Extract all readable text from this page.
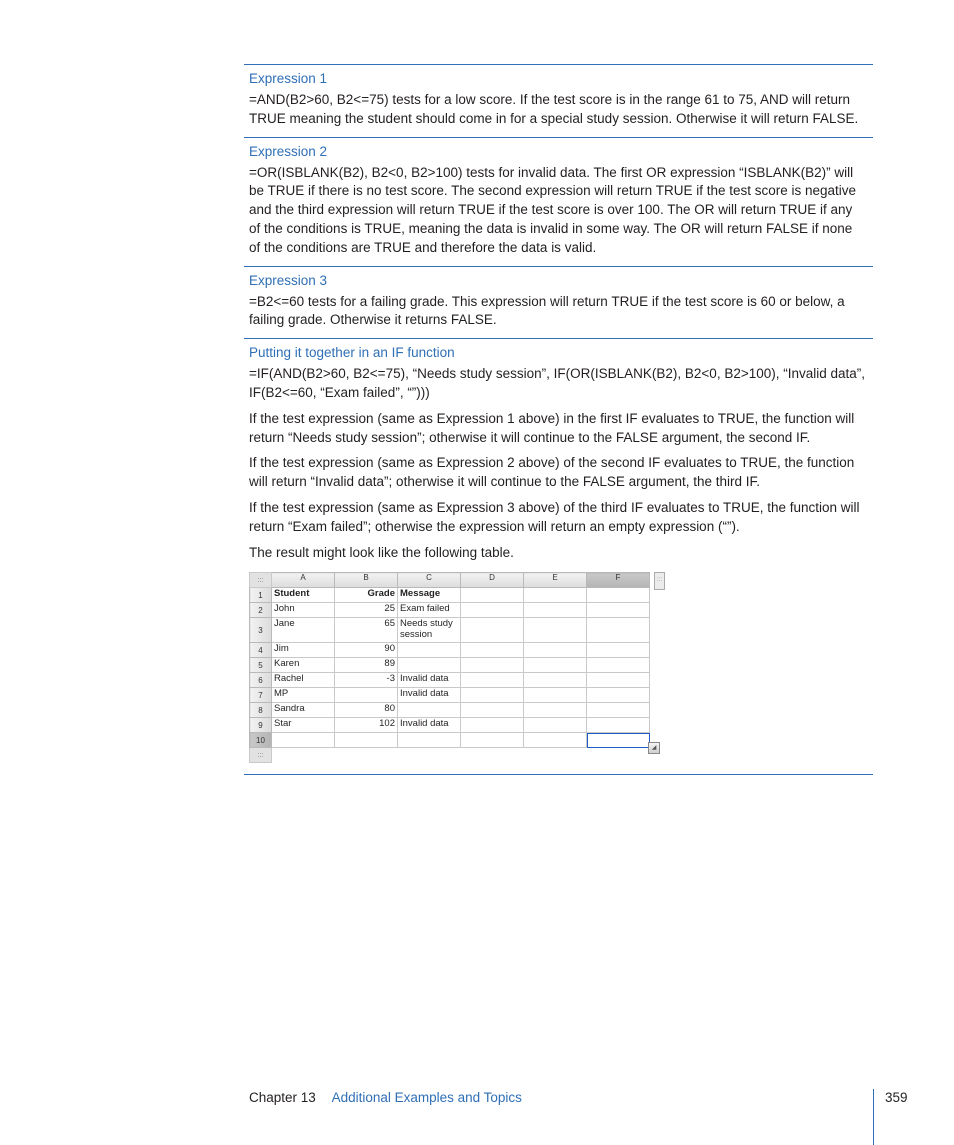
Expression 1

=AND(B2>60, B2<=75) tests for a low score. If the test score is in the range 61 to 75, AND will return TRUE meaning the student should come in for a special study session. Otherwise it will return FALSE.

Expression 2

=OR(ISBLANK(B2), B2<0, B2>100) tests for invalid data. The first OR expression “ISBLANK(B2)” will be TRUE if there is no test score. The second expression will return TRUE if the test score is negative and the third expression will return TRUE if the test score is over 100. The OR will return TRUE if any of the conditions is TRUE, meaning the data is invalid in some way. The OR will return FALSE if none of the conditions are TRUE and therefore the data is valid.

Expression 3

=B2<=60 tests for a failing grade. This expression will return TRUE if the test score is 60 or below, a failing grade. Otherwise it returns FALSE.

Putting it together in an IF function

=IF(AND(B2>60, B2<=75), “Needs study session”, IF(OR(ISBLANK(B2), B2<0, B2>100), “Invalid data”, IF(B2<=60, “Exam failed”, “”)))

If the test expression (same as Expression 1 above) in the first IF evaluates to TRUE, the function will return “Needs study session”; otherwise it will continue to the FALSE argument, the second IF.

If the test expression (same as Expression 2 above) of the second IF evaluates to TRUE, the function will return “Invalid data”; otherwise it will continue to the FALSE argument, the third IF.

If the test expression (same as Expression 3 above) of the third IF evaluates to TRUE, the function will return “Exam failed”; otherwise the expression will return an empty expression (“”).

The result might look like the following table.

:::	A	B	C	D	E	F
1	Student	Grade	Message			
2	John	25	Exam failed			
3	Jane	65	Needs study session			
4	Jim	90				
5	Karen	89				
6	Rachel	-3	Invalid data			
7	MP		Invalid data			
8	Sandra	80				
9	Star	102	Invalid data			
10						
:::						
:::
◢
Chapter 13 Additional Examples and Topics	359
